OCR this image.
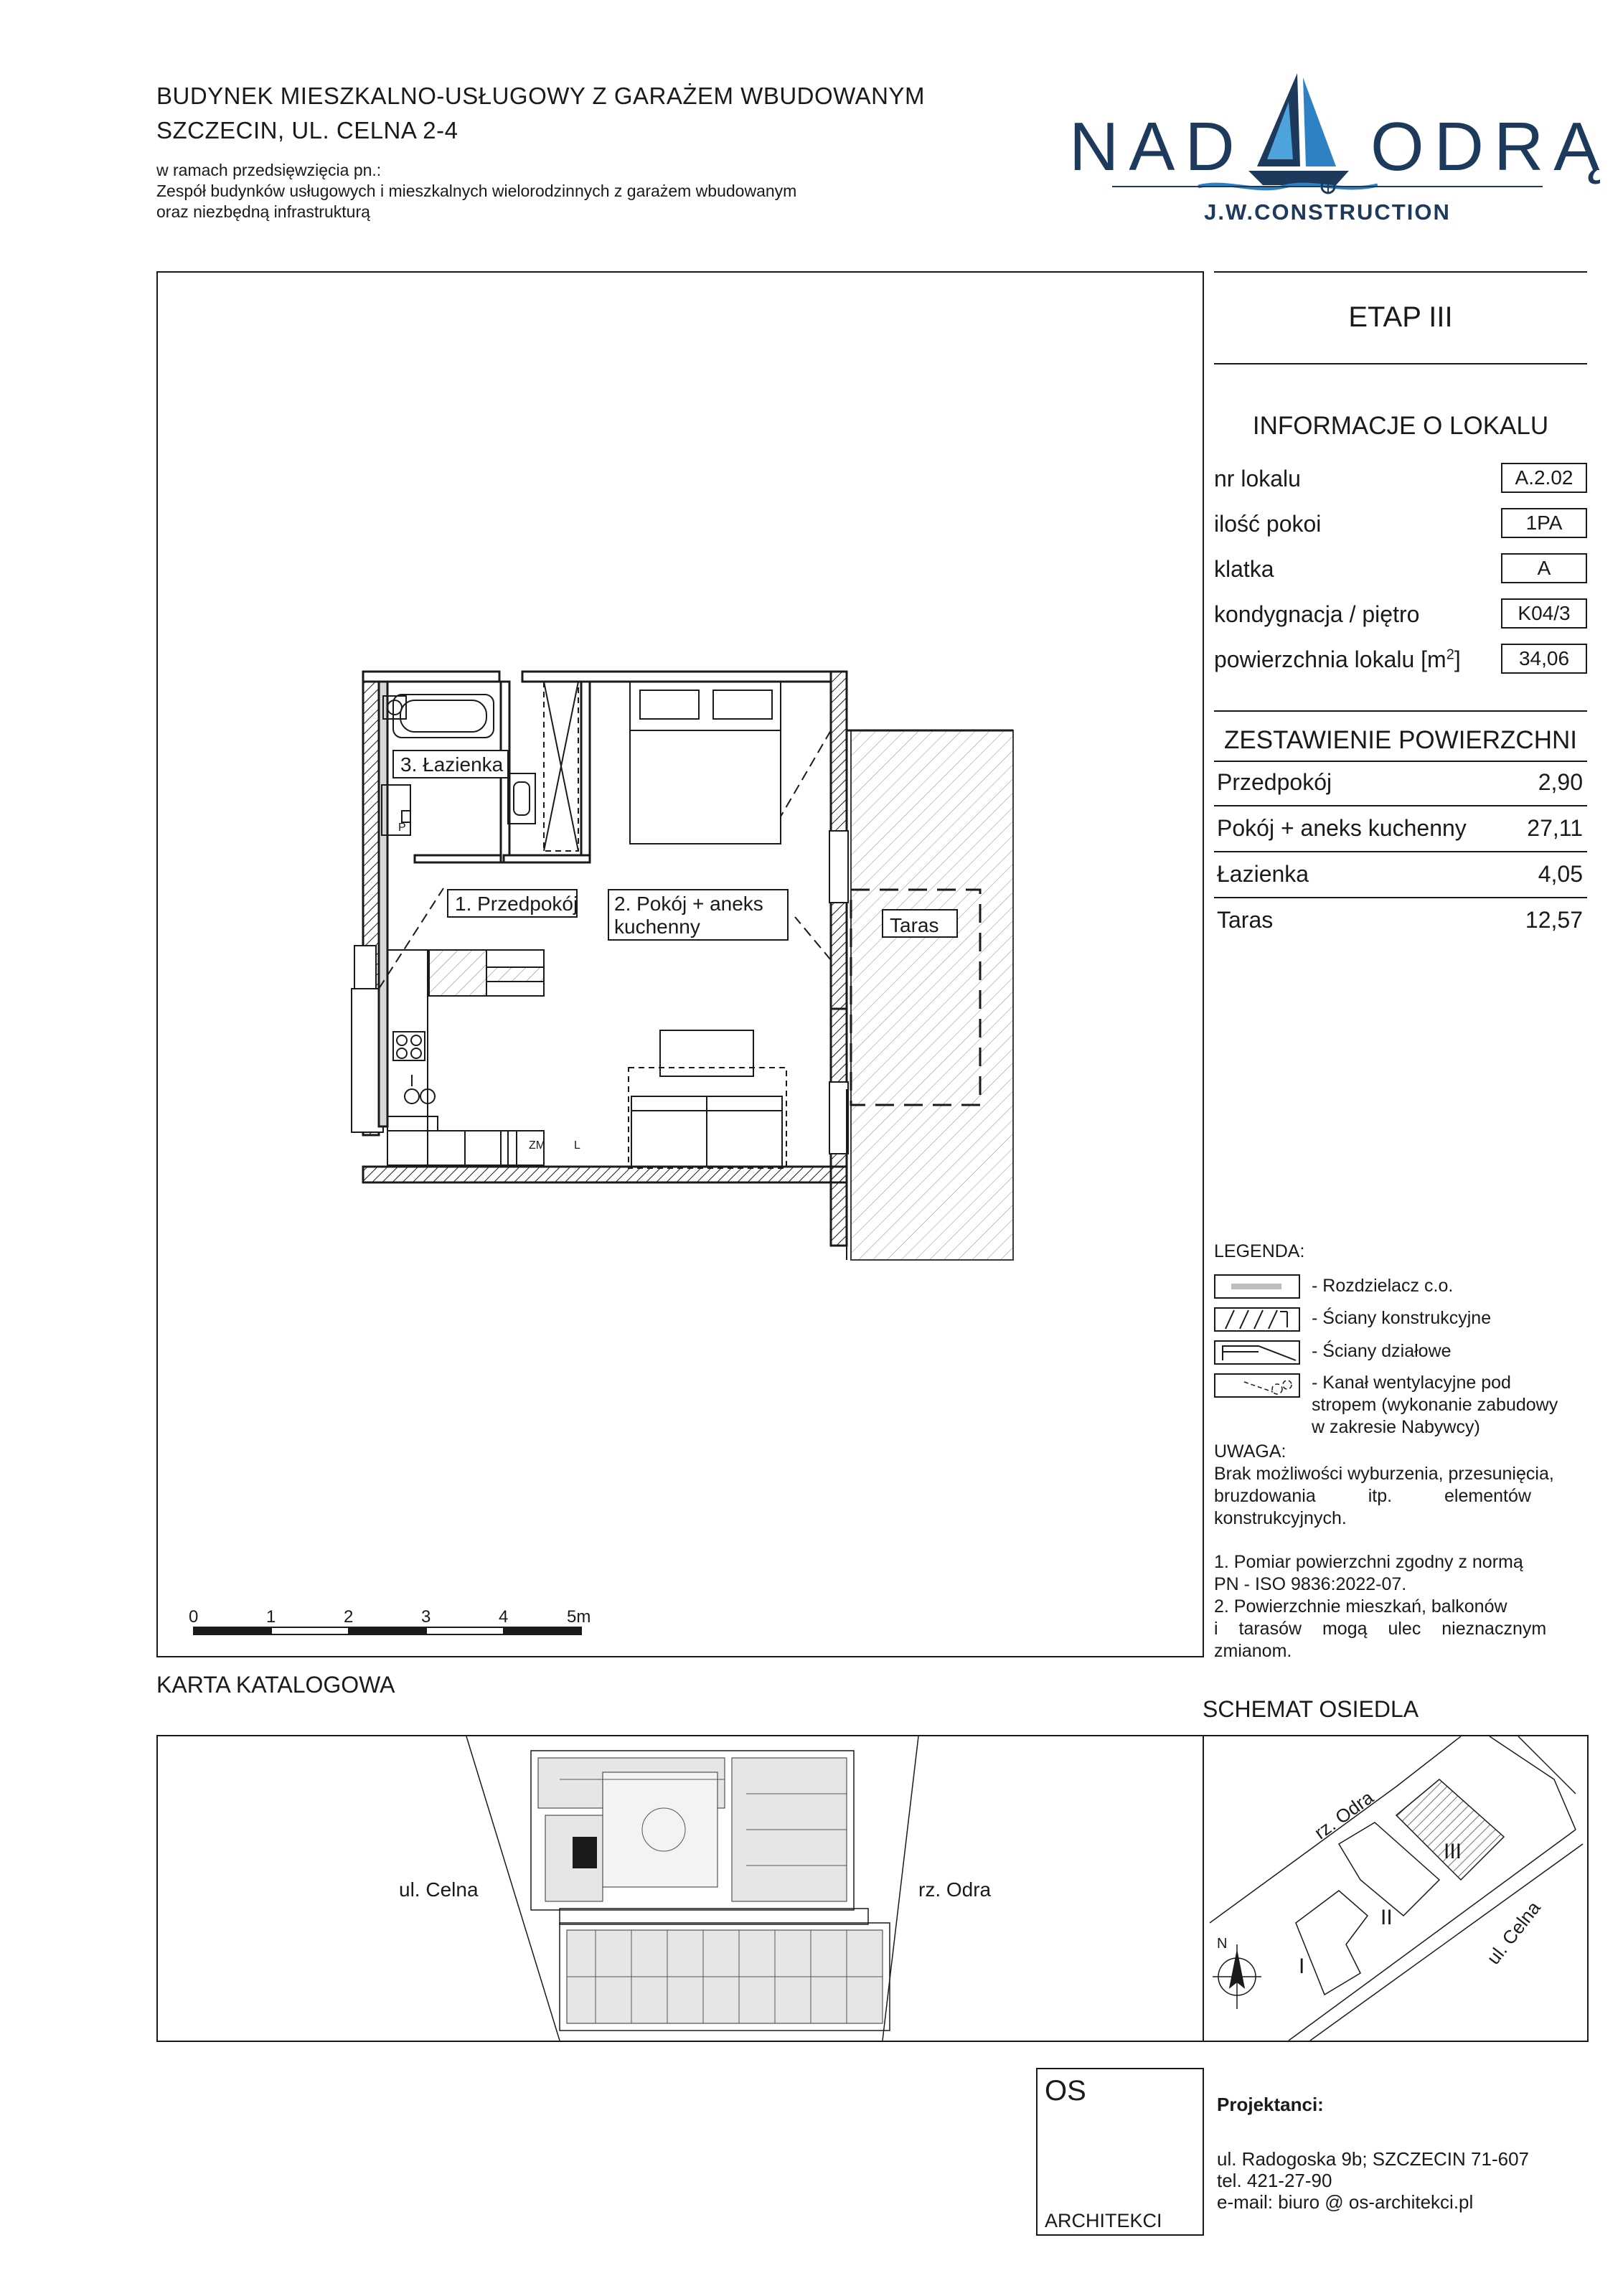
BUDYNEK MIESZKALNO-USŁUGOWY Z GARAŻEM WBUDOWANYM
SZCZECIN, UL. CELNA 2-4
w ramach przedsięwzięcia pn.:
Zespół budynków usługowych i mieszkalnych wielorodzinnych z garażem wbudowanym
oraz niezbędną infrastrukturą
NAD ODRĄ
J.W.CONSTRUCTION
3. Łazienka
1. Przedpokój 2. Pokój + aneks
kuchenny	Taras
P
ZM L
0	1	2	3	4	5m
ETAP III
INFORMACJE O LOKALU
nr lokalu	A.2.02
ilość pokoi	1PA
klatka	A
kondygnacja / piętro	K04/3
powierzchnia lokalu $[m^2]$	34,06
ZESTAWIENIE POWIERZCHNI
Przedpokój	2,90
Pokój + aneks kuchenny	27,11
Łazienka	4,05
Taras	12,57
LEGENDA:
- Rozdzielacz c.o.
- Ściany konstrukcyjne
- Ściany działowe
- Kanał wentylacyjne pod
stropem (wykonanie zabudowy
w zakresie Nabywcy)
UWAGA:
Brak możliwości wyburzenia, przesunięcia,
bruzdowania itp. elementów
konstrukcyjnych.
1. Pomiar powierzchni zgodny z normą
PN - ISO 9836:2022-07.
2. Powierzchnie mieszkań, balkonów
i tarasów mogą ulec nieznacznym
zmianom.
KARTA KATALOGOWA
SCHEMAT OSIEDLA
ul. Celna	rz. Odra
rz. Odra
ul. Celna
I
II
III
N
OS
ARCHITEKCI
Projektanci:
ul. Radogoska 9b; SZCZECIN 71-607
tel. 421-27-90
e-mail: biuro @ os-architekci.pl
